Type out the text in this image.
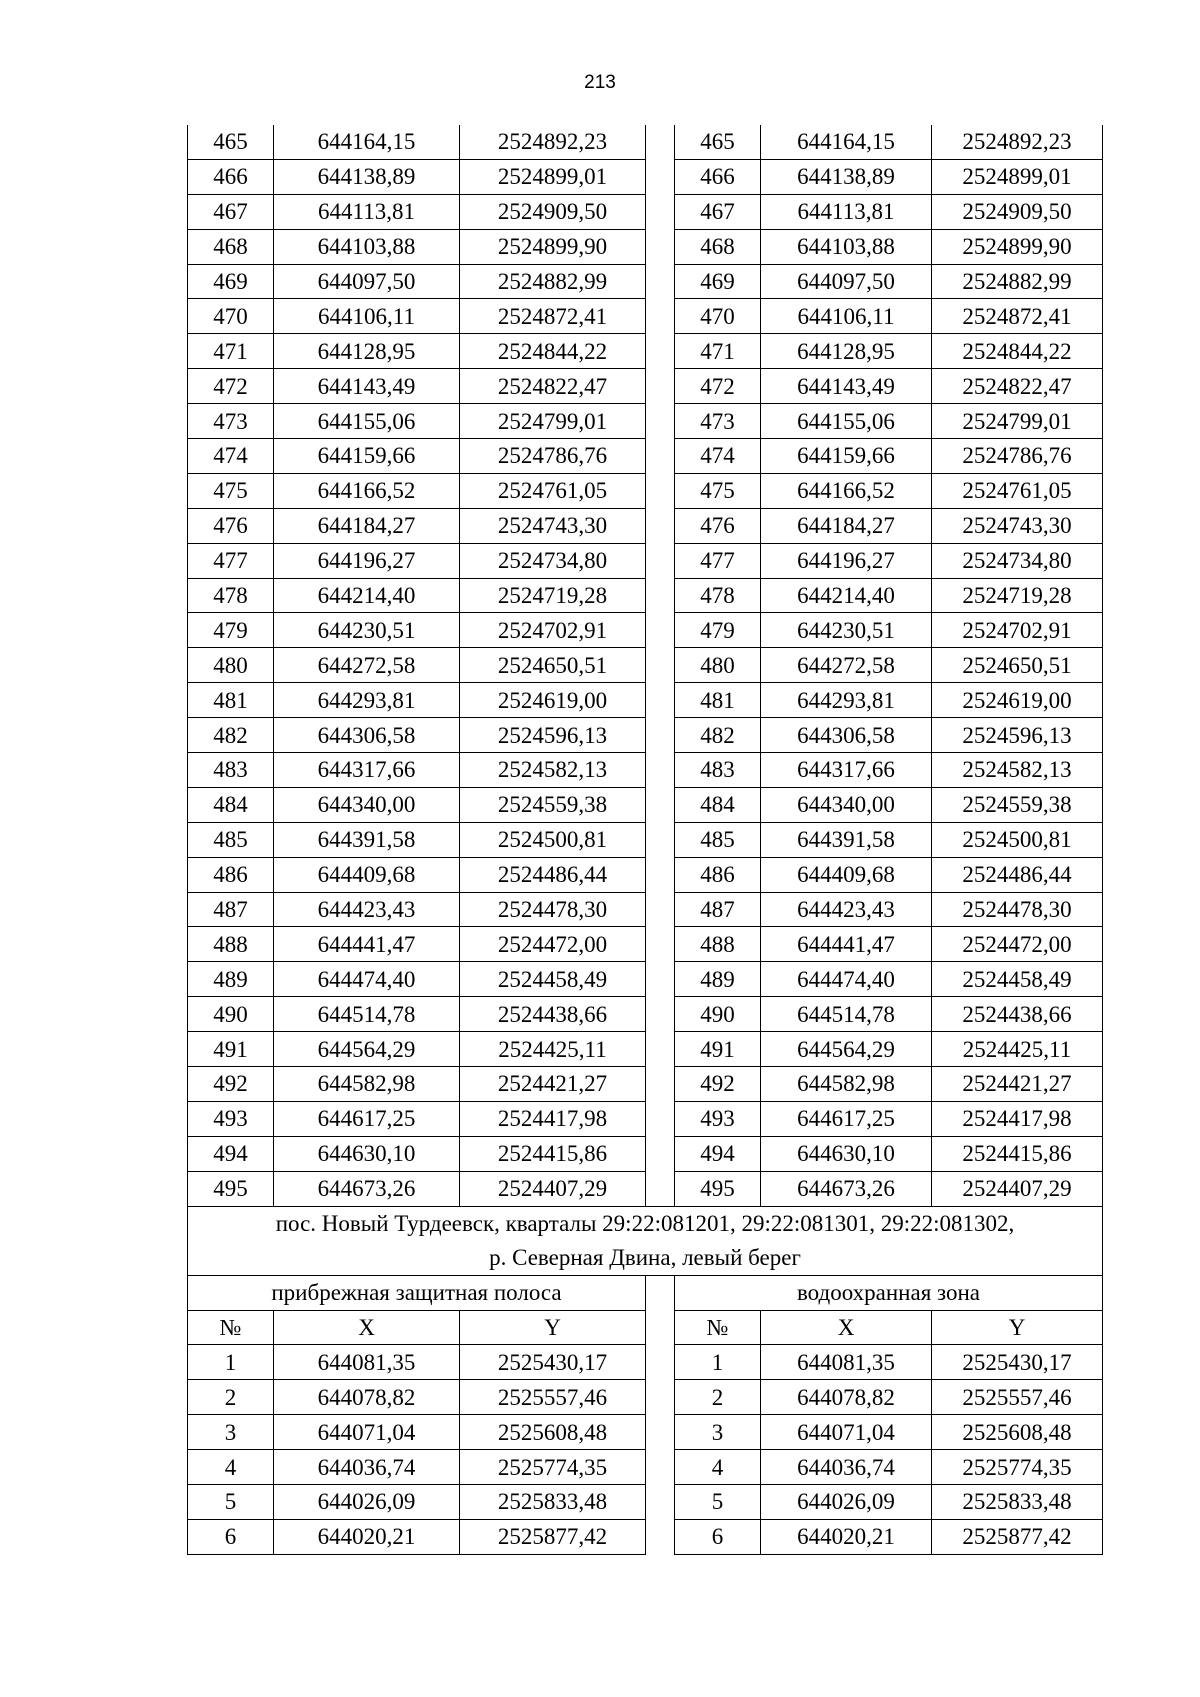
213
465	644164,15	2524892,23		465	644164,15	2524892,23
466	644138,89	2524899,01		466	644138,89	2524899,01
467	644113,81	2524909,50		467	644113,81	2524909,50
468	644103,88	2524899,90		468	644103,88	2524899,90
469	644097,50	2524882,99		469	644097,50	2524882,99
470	644106,11	2524872,41		470	644106,11	2524872,41
471	644128,95	2524844,22		471	644128,95	2524844,22
472	644143,49	2524822,47		472	644143,49	2524822,47
473	644155,06	2524799,01		473	644155,06	2524799,01
474	644159,66	2524786,76		474	644159,66	2524786,76
475	644166,52	2524761,05		475	644166,52	2524761,05
476	644184,27	2524743,30		476	644184,27	2524743,30
477	644196,27	2524734,80		477	644196,27	2524734,80
478	644214,40	2524719,28		478	644214,40	2524719,28
479	644230,51	2524702,91		479	644230,51	2524702,91
480	644272,58	2524650,51		480	644272,58	2524650,51
481	644293,81	2524619,00		481	644293,81	2524619,00
482	644306,58	2524596,13		482	644306,58	2524596,13
483	644317,66	2524582,13		483	644317,66	2524582,13
484	644340,00	2524559,38		484	644340,00	2524559,38
485	644391,58	2524500,81		485	644391,58	2524500,81
486	644409,68	2524486,44		486	644409,68	2524486,44
487	644423,43	2524478,30		487	644423,43	2524478,30
488	644441,47	2524472,00		488	644441,47	2524472,00
489	644474,40	2524458,49		489	644474,40	2524458,49
490	644514,78	2524438,66		490	644514,78	2524438,66
491	644564,29	2524425,11		491	644564,29	2524425,11
492	644582,98	2524421,27		492	644582,98	2524421,27
493	644617,25	2524417,98		493	644617,25	2524417,98
494	644630,10	2524415,86		494	644630,10	2524415,86
495	644673,26	2524407,29		495	644673,26	2524407,29

пос. Новый Турдеевск, кварталы 29:22:081201, 29:22:081301, 29:22:081302,
р. Северная Двина, левый берег						

прибрежная защитная полоса				водоохранная зона		
№	X	Y		№	X	Y
1	644081,35	2525430,17		1	644081,35	2525430,17
2	644078,82	2525557,46		2	644078,82	2525557,46
3	644071,04	2525608,48		3	644071,04	2525608,48
4	644036,74	2525774,35		4	644036,74	2525774,35
5	644026,09	2525833,48		5	644026,09	2525833,48
6	644020,21	2525877,42		6	644020,21	2525877,42
